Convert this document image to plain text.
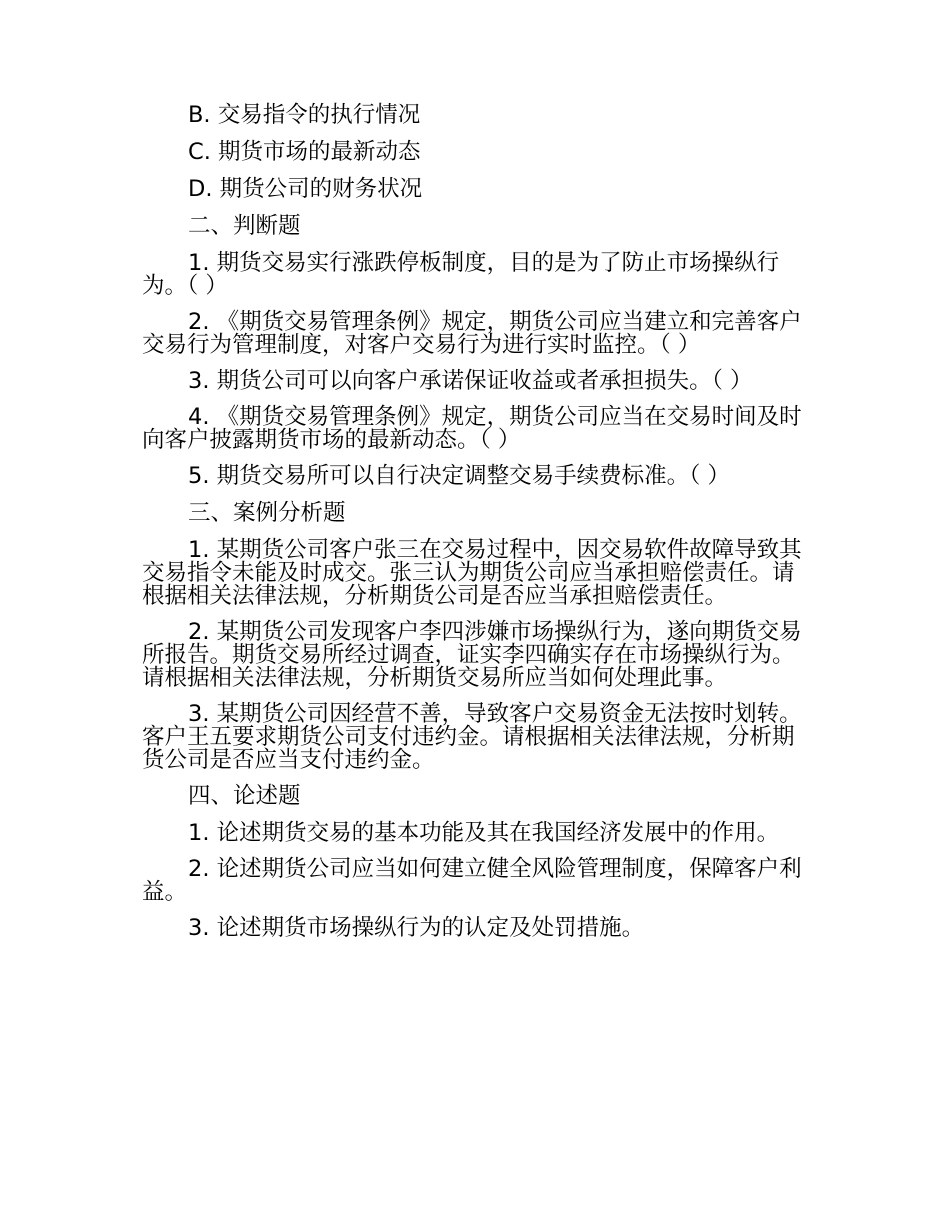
B. 交易指令的执行情况

C. 期货市场的最新动态

D. 期货公司的财务状况

二、判断题

1. 期货交易实行涨跌停板制度，目的是为了防止市场操纵行为。（ ）

2. 《期货交易管理条例》规定，期货公司应当建立和完善客户交易行为管理制度，对客户交易行为进行实时监控。（ ）

3. 期货公司可以向客户承诺保证收益或者承担损失。（ ）

4. 《期货交易管理条例》规定，期货公司应当在交易时间及时向客户披露期货市场的最新动态。（ ）

5. 期货交易所可以自行决定调整交易手续费标准。（ ）

三、案例分析题

1. 某期货公司客户张三在交易过程中，因交易软件故障导致其交易指令未能及时成交。张三认为期货公司应当承担赔偿责任。请根据相关法律法规，分析期货公司是否应当承担赔偿责任。

2. 某期货公司发现客户李四涉嫌市场操纵行为，遂向期货交易所报告。期货交易所经过调查，证实李四确实存在市场操纵行为。请根据相关法律法规，分析期货交易所应当如何处理此事。

3. 某期货公司因经营不善，导致客户交易资金无法按时划转。客户王五要求期货公司支付违约金。请根据相关法律法规，分析期货公司是否应当支付违约金。

四、论述题

1. 论述期货交易的基本功能及其在我国经济发展中的作用。

2. 论述期货公司应当如何建立健全风险管理制度，保障客户利益。

3. 论述期货市场操纵行为的认定及处罚措施。
